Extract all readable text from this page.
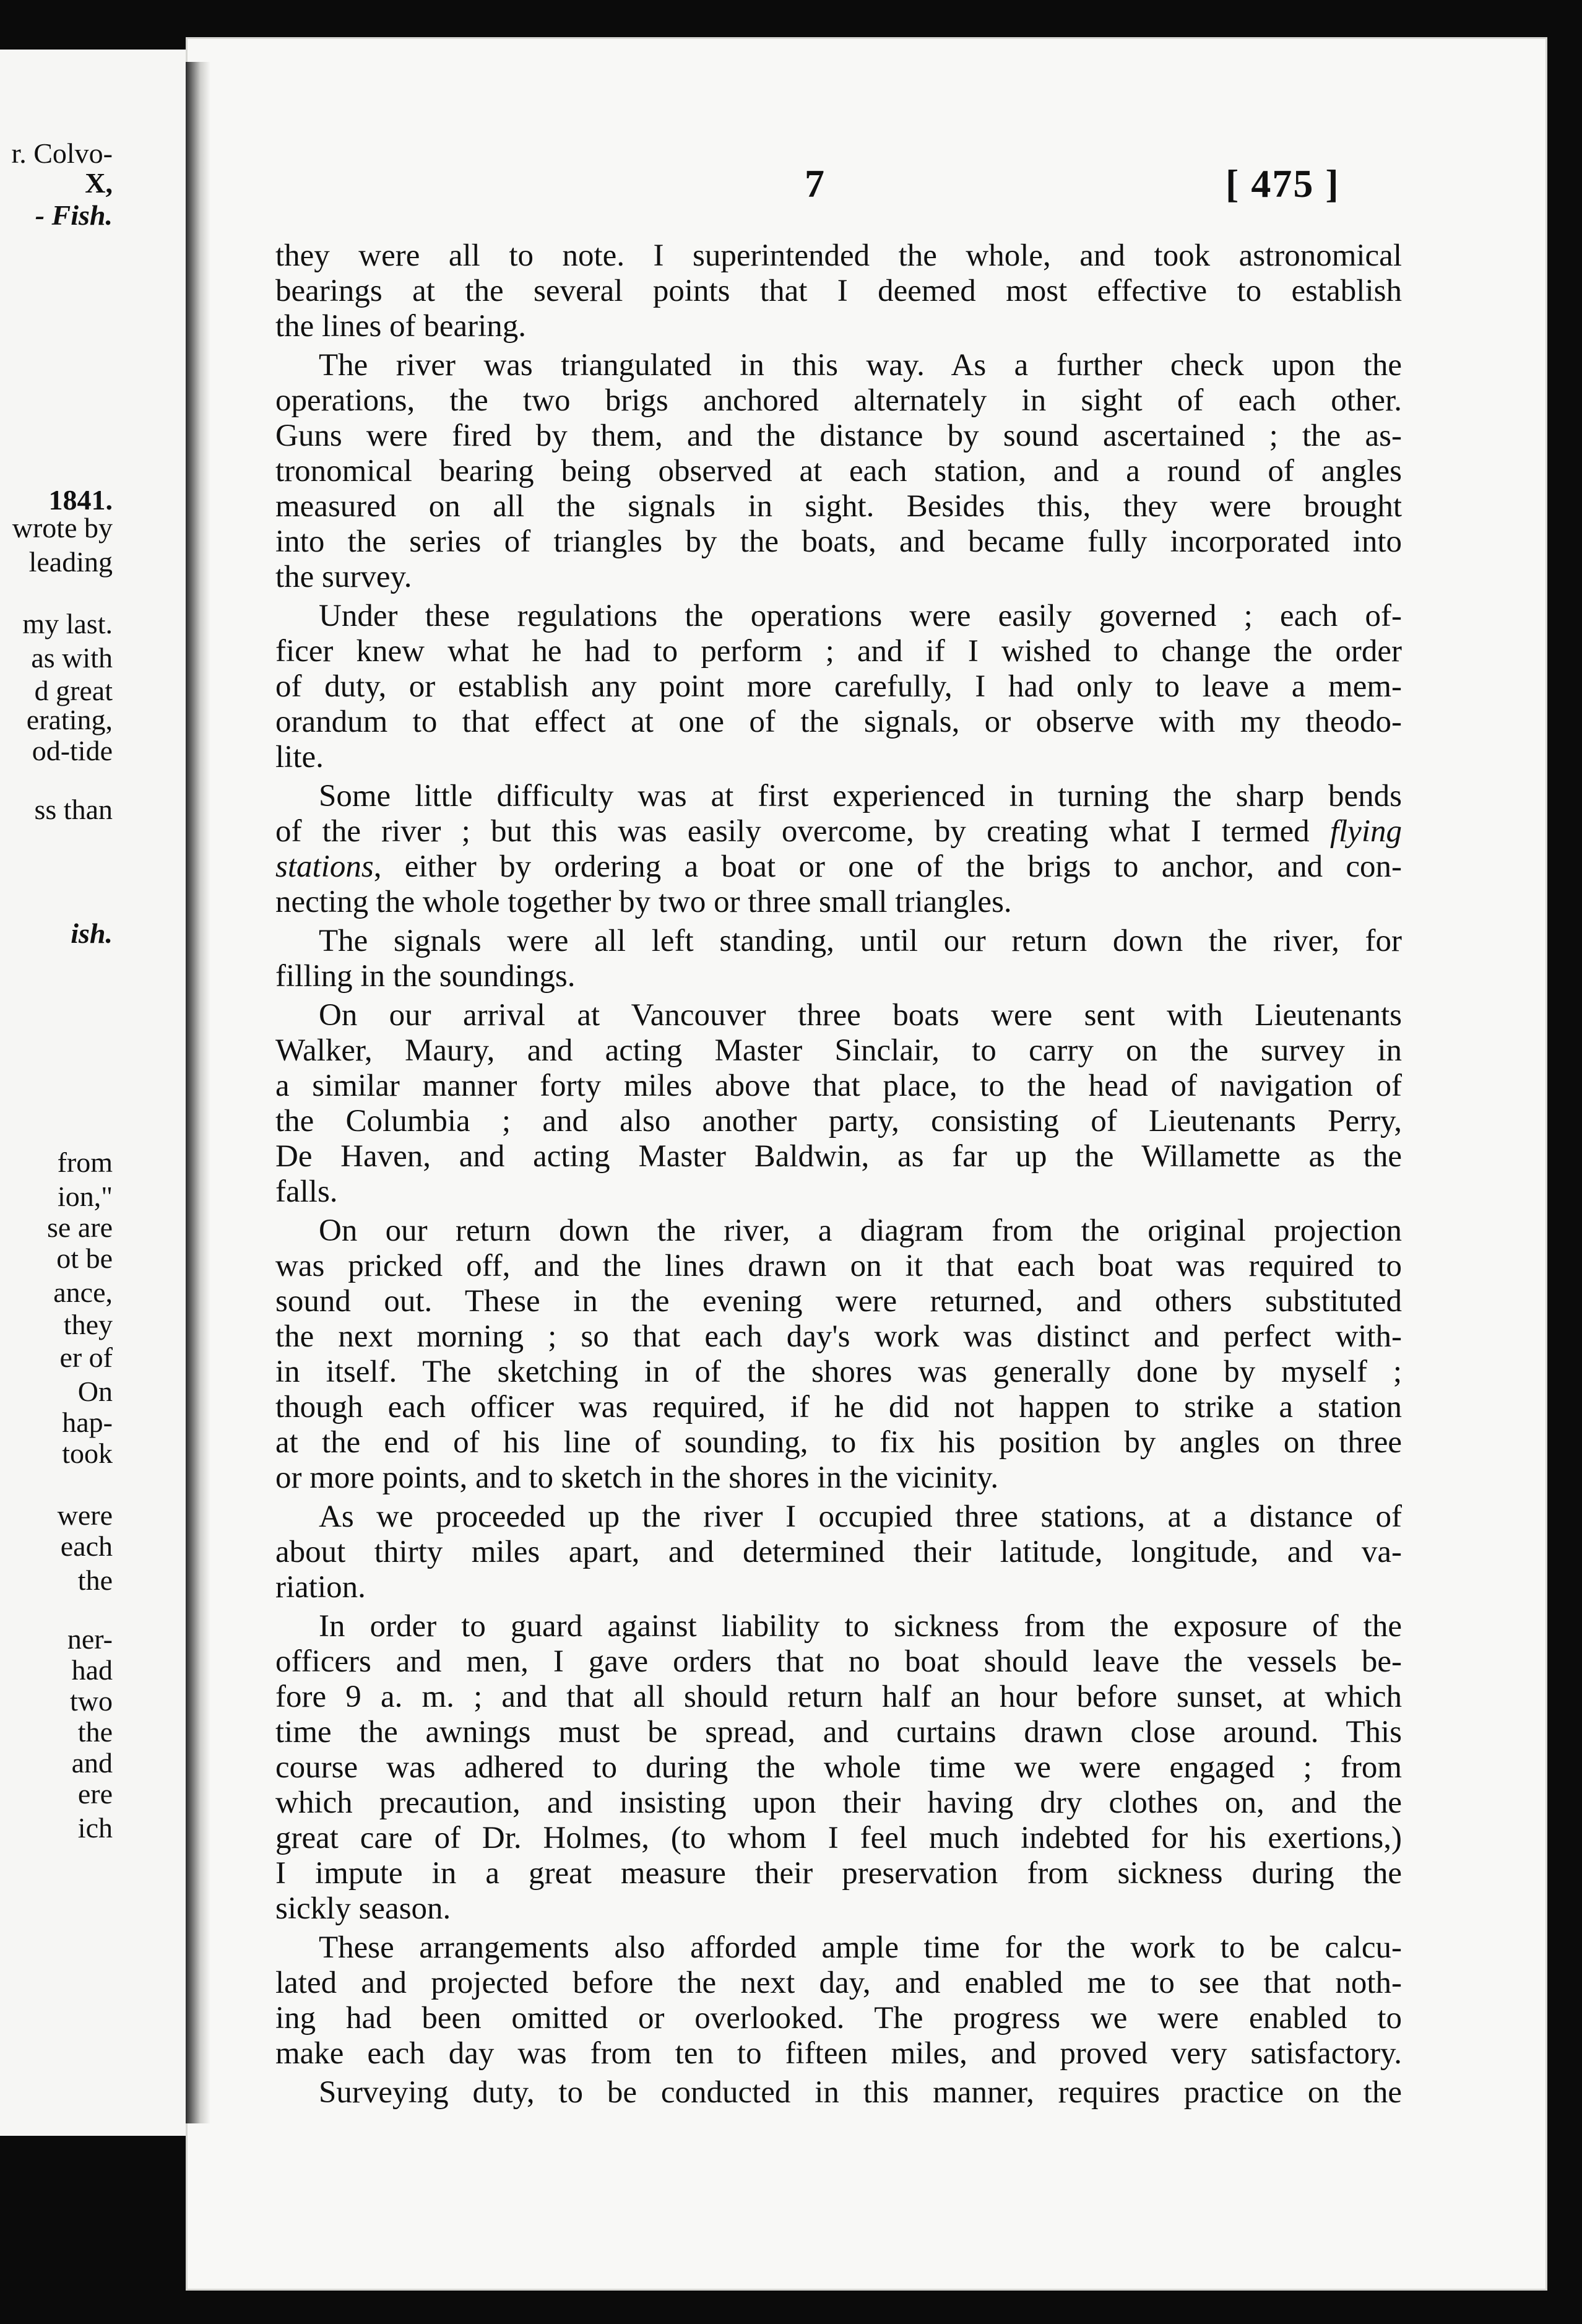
r. Colvo-
X,
- Fish.
1841.
wrote by
leading
my last.
as with
d great
erating,
od-tide
ss than
ish.
from
ion,"
se are
ot be
ance,
they
er of
On
hap-
took
were
each
the
ner-
had
two
the
and
ere
ich
7	[ 475 ]
they were all to note. I superintended the whole, and took astronomical
bearings at the several points that I deemed most effective to establish
the lines of bearing.
The river was triangulated in this way. As a further check upon the
operations, the two brigs anchored alternately in sight of each other.
Guns were fired by them, and the distance by sound ascertained ; the as-
tronomical bearing being observed at each station, and a round of angles
measured on all the signals in sight. Besides this, they were brought
into the series of triangles by the boats, and became fully incorporated into
the survey.
Under these regulations the operations were easily governed ; each of-
ficer knew what he had to perform ; and if I wished to change the order
of duty, or establish any point more carefully, I had only to leave a mem-
orandum to that effect at one of the signals, or observe with my theodo-
lite.
Some little difficulty was at first experienced in turning the sharp bends
of the river ; but this was easily overcome, by creating what I termed flying
stations, either by ordering a boat or one of the brigs to anchor, and con-
necting the whole together by two or three small triangles.
The signals were all left standing, until our return down the river, for
filling in the soundings.
On our arrival at Vancouver three boats were sent with Lieutenants
Walker, Maury, and acting Master Sinclair, to carry on the survey in
a similar manner forty miles above that place, to the head of navigation of
the Columbia ; and also another party, consisting of Lieutenants Perry,
De Haven, and acting Master Baldwin, as far up the Willamette as the
falls.
On our return down the river, a diagram from the original projection
was pricked off, and the lines drawn on it that each boat was required to
sound out. These in the evening were returned, and others substituted
the next morning ; so that each day's work was distinct and perfect with-
in itself. The sketching in of the shores was generally done by myself ;
though each officer was required, if he did not happen to strike a station
at the end of his line of sounding, to fix his position by angles on three
or more points, and to sketch in the shores in the vicinity.
As we proceeded up the river I occupied three stations, at a distance of
about thirty miles apart, and determined their latitude, longitude, and va-
riation.
In order to guard against liability to sickness from the exposure of the
officers and men, I gave orders that no boat should leave the vessels be-
fore 9 a. m. ; and that all should return half an hour before sunset, at which
time the awnings must be spread, and curtains drawn close around. This
course was adhered to during the whole time we were engaged ; from
which precaution, and insisting upon their having dry clothes on, and the
great care of Dr. Holmes, (to whom I feel much indebted for his exertions,)
I impute in a great measure their preservation from sickness during the
sickly season.
These arrangements also afforded ample time for the work to be calcu-
lated and projected before the next day, and enabled me to see that noth-
ing had been omitted or overlooked. The progress we were enabled to
make each day was from ten to fifteen miles, and proved very satisfactory.
Surveying duty, to be conducted in this manner, requires practice on the
